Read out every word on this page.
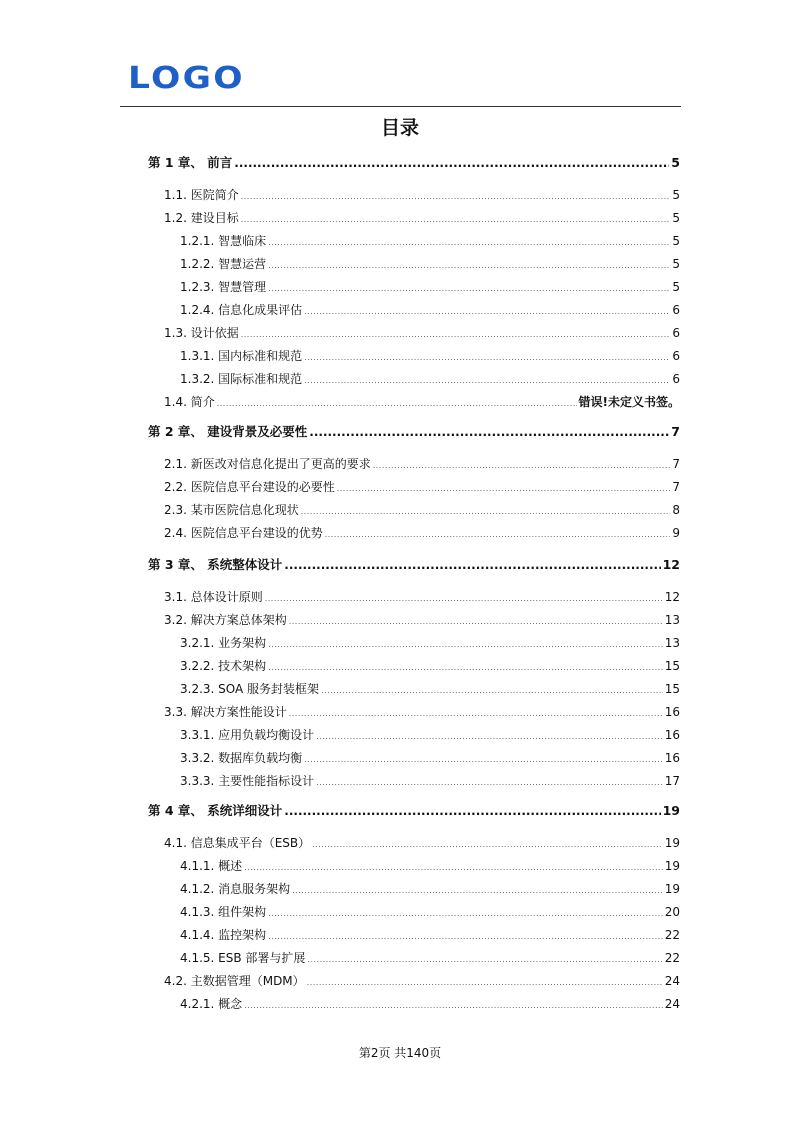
LOGO
目录
第 1 章、 前言 .....	5
1.1. 医院简介 .....	5
1.2. 建设目标 .....	5
1.2.1. 智慧临床 .....	5
1.2.2. 智慧运营 .....	5
1.2.3. 智慧管理 .....	5
1.2.4. 信息化成果评估 .....	6
1.3. 设计依据 .....	6
1.3.1. 国内标准和规范 .....	6
1.3.2. 国际标准和规范 .....	6
1.4. 简介 .....	错误!未定义书签。
第 2 章、 建设背景及必要性 .....	7
2.1. 新医改对信息化提出了更高的要求 .....	7
2.2. 医院信息平台建设的必要性 .....	7
2.3. 某市医院信息化现状 .....	8
2.4. 医院信息平台建设的优势 .....	9
第 3 章、 系统整体设计 .....	12
3.1. 总体设计原则 .....	12
3.2. 解决方案总体架构 .....	13
3.2.1. 业务架构 .....	13
3.2.2. 技术架构 .....	15
3.2.3. SOA 服务封装框架 .....	15
3.3. 解决方案性能设计 .....	16
3.3.1. 应用负载均衡设计 .....	16
3.3.2. 数据库负载均衡 .....	16
3.3.3. 主要性能指标设计 .....	17
第 4 章、 系统详细设计 .....	19
4.1. 信息集成平台（ESB） .....	19
4.1.1. 概述 .....	19
4.1.2. 消息服务架构 .....	19
4.1.3. 组件架构 .....	20
4.1.4. 监控架构 .....	22
4.1.5. ESB 部署与扩展 .....	22
4.2. 主数据管理（MDM） .....	24
4.2.1. 概念 .....	24
第2页 共140页
